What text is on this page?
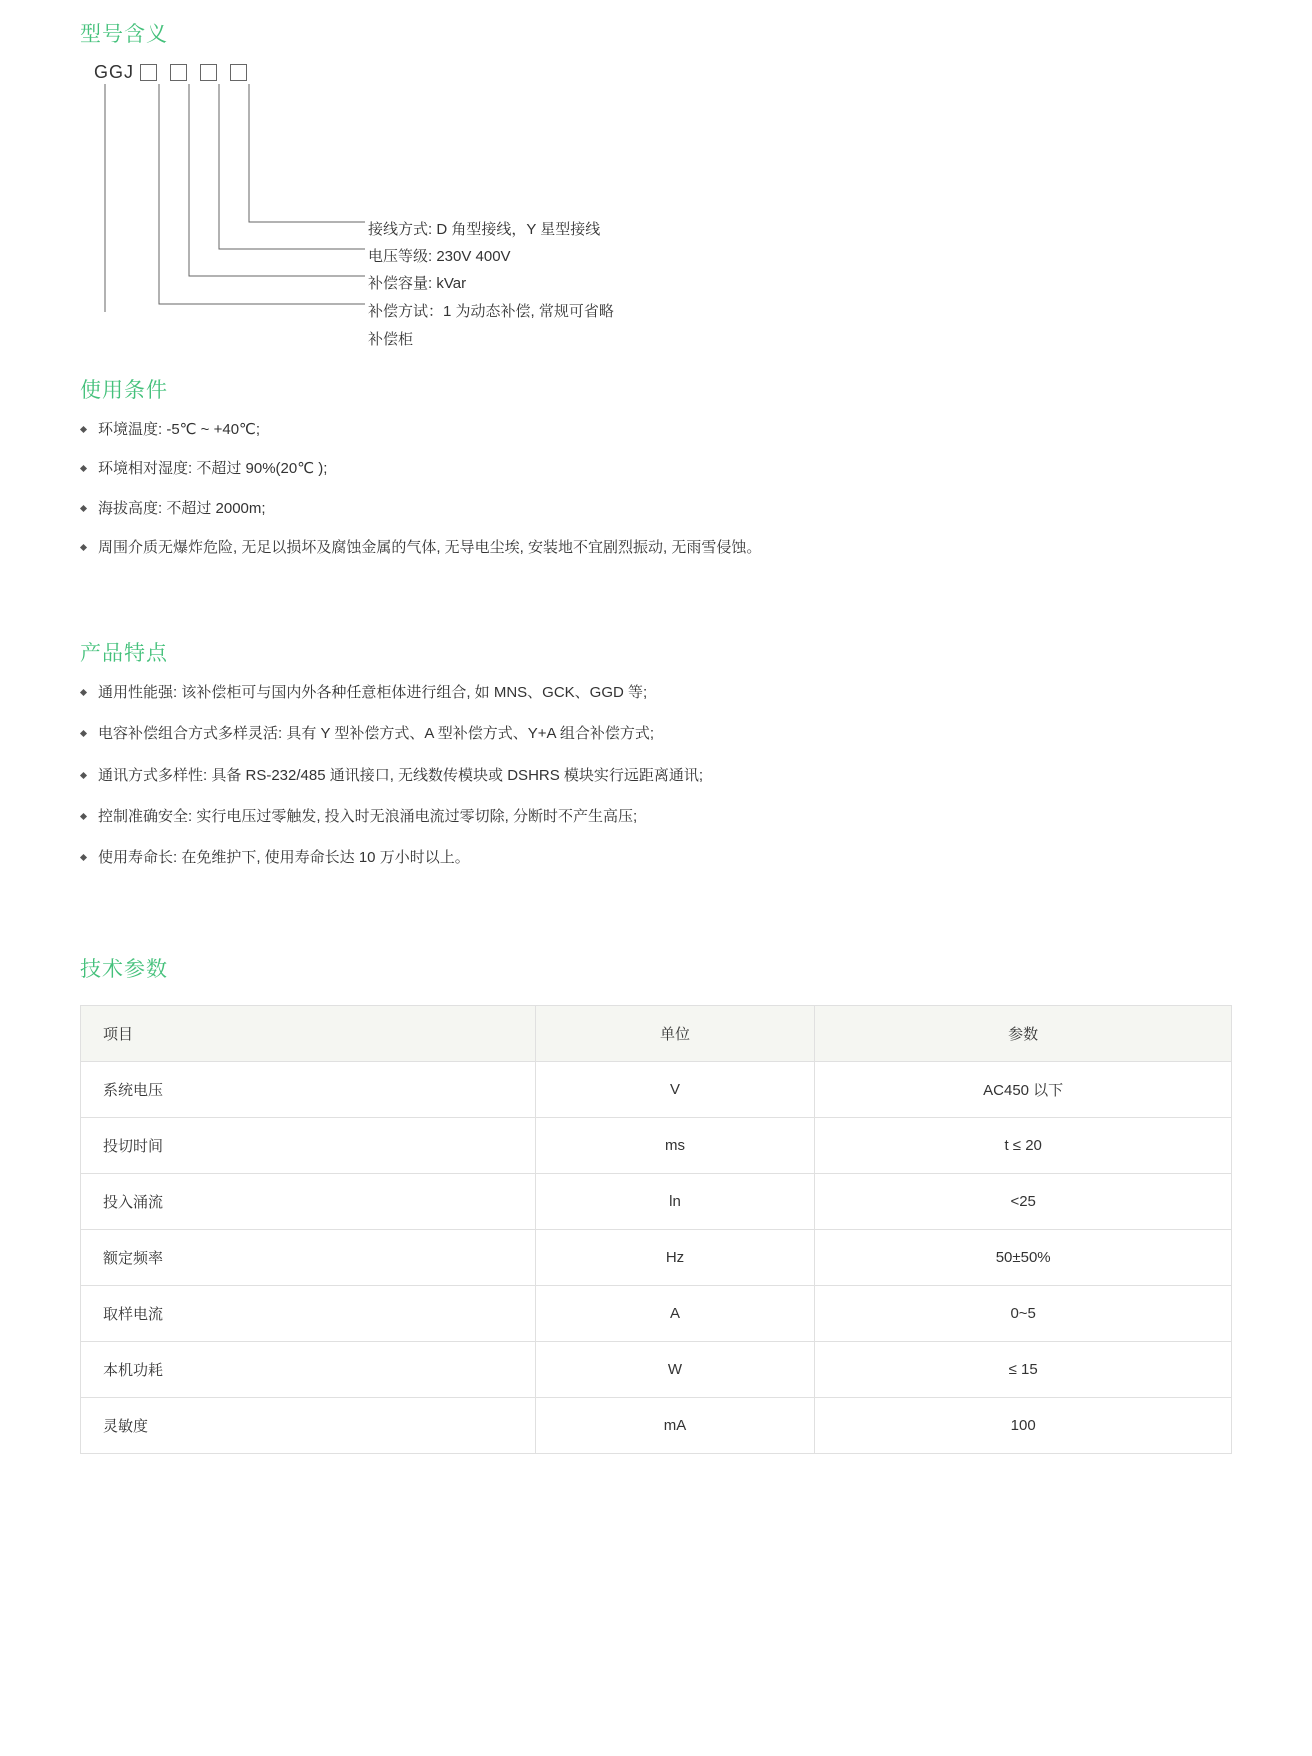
型号含义
GGJ
接线方式: D 角型接线，Y 星型接线
电压等级: 230V 400V
补偿容量: kVar
补偿方试：1 为动态补偿, 常规可省略
补偿柜
使用条件
环境温度: -5℃ ~ +40℃;
环境相对湿度: 不超过 90%(20℃ );
海拔高度: 不超过 2000m;
周围介质无爆炸危险, 无足以损坏及腐蚀金属的气体, 无导电尘埃, 安装地不宜剧烈振动, 无雨雪侵蚀。
产品特点
通用性能强: 该补偿柜可与国内外各种任意柜体进行组合, 如 MNS、GCK、GGD 等;
电容补偿组合方式多样灵活: 具有 Y 型补偿方式、A 型补偿方式、Y+A 组合补偿方式;
通讯方式多样性: 具备 RS-232/485 通讯接口, 无线数传模块或 DSHRS 模块实行远距离通讯;
控制准确安全: 实行电压过零触发, 投入时无浪涌电流过零切除, 分断时不产生高压;
使用寿命长: 在免维护下, 使用寿命长达 10 万小时以上。
技术参数
项目	单位	参数
系统电压	V	AC450 以下
投切时间	ms	t ≤ 20
投入涌流	ln	<25
额定频率	Hz	50±50%
取样电流	A	0~5
本机功耗	W	≤ 15
灵敏度	mA	100
